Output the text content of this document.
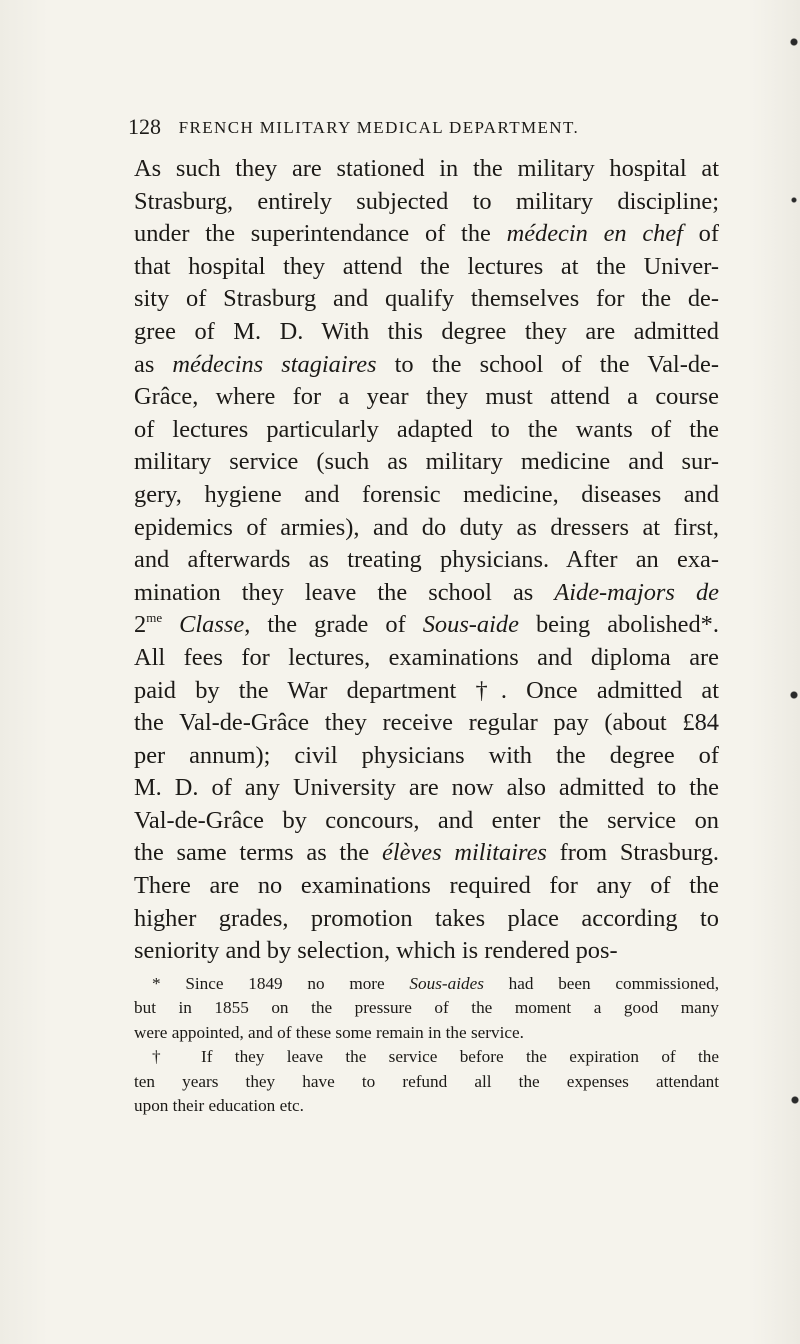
128 FRENCH MILITARY MEDICAL DEPARTMENT.
As such they are stationed in the military hospital at
Strasburg, entirely subjected to military discipline;
under the superintendance of the médecin en chef of
that hospital they attend the lectures at the Univer-
sity of Strasburg and qualify themselves for the de-
gree of M. D. With this degree they are admitted
as médecins stagiaires to the school of the Val-de-
Grâce, where for a year they must attend a course
of lectures particularly adapted to the wants of the
military service (such as military medicine and sur-
gery, hygiene and forensic medicine, diseases and
epidemics of armies), and do duty as dressers at first,
and afterwards as treating physicians. After an exa-
mination they leave the school as Aide-majors de
$2^{me}$ Classe, the grade of Sous-aide being abolished*.
All fees for lectures, examinations and diploma are
paid by the War department †. Once admitted at
the Val-de-Grâce they receive regular pay (about £84
per annum); civil physicians with the degree of
M. D. of any University are now also admitted to the
Val-de-Grâce by concours, and enter the service on
the same terms as the élèves militaires from Strasburg.
There are no examinations required for any of the
higher grades, promotion takes place according to
seniority and by selection, which is rendered pos-
* Since 1849 no more Sous-aides had been commissioned,
but in 1855 on the pressure of the moment a good many
were appointed, and of these some remain in the service.
† If they leave the service before the expiration of the
ten years they have to refund all the expenses attendant
upon their education etc.
